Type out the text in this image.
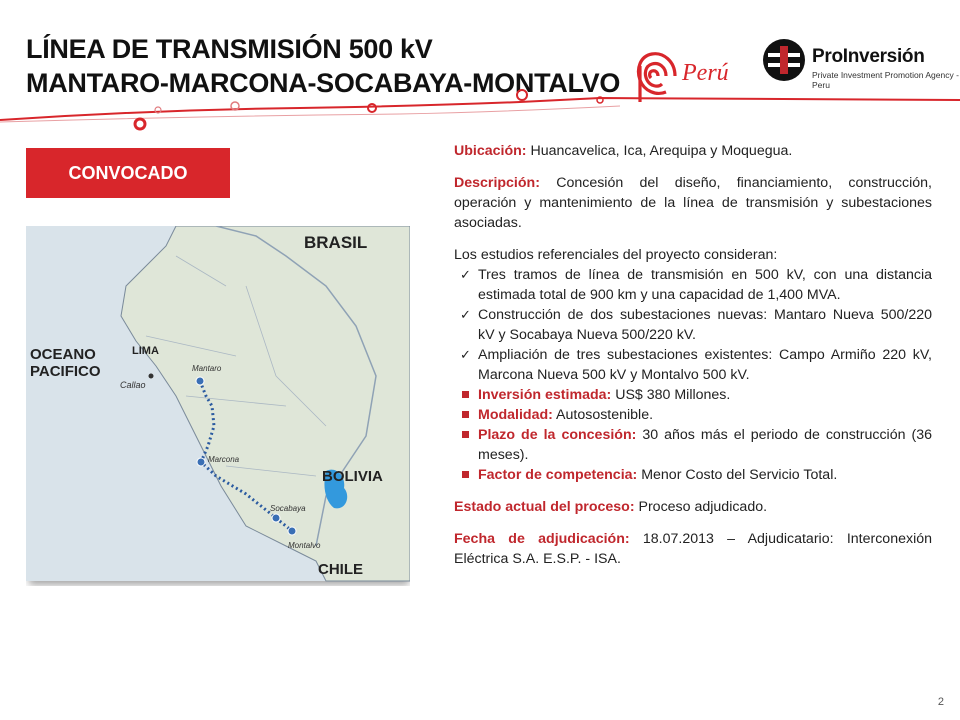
LÍNEA DE TRANSMISIÓN 500 kV
MANTARO-MARCONA-SOCABAYA-MONTALVO	Perú
ProInversión
Private Investment Promotion Agency - Peru
CONVOCADO
BRASIL
OCEANO
PACIFICO
LIMA
BOLIVIA
CHILE
Callao
Mantaro
Marcona
Socabaya
Montalvo

Ubicación: Huancavelica, Ica, Arequipa y Moquegua.

Descripción: Concesión del diseño, financiamiento, construcción, operación y mantenimiento de la línea de transmisión y subestaciones asociadas.

Los estudios referenciales del proyecto consideran:
✓ Tres tramos de línea de transmisión en 500 kV, con una distancia estimada total de 900 km y una capacidad de 1,400 MVA.
✓ Construcción de dos subestaciones nuevas: Mantaro Nueva 500/220 kV y Socabaya Nueva 500/220 kV.
✓ Ampliación de tres subestaciones existentes: Campo Armiño 220 kV, Marcona Nueva 500 kV y Montalvo 500 kV.
Inversión estimada: US$ 380 Millones.
Modalidad: Autosostenible.
Plazo de la concesión: 30 años más el periodo de construcción (36 meses).
Factor de competencia: Menor Costo del Servicio Total.

Estado actual del proceso: Proceso adjudicado.

Fecha de adjudicación: 18.07.2013 – Adjudicatario: Interconexión Eléctrica S.A. E.S.P. - ISA.

2
